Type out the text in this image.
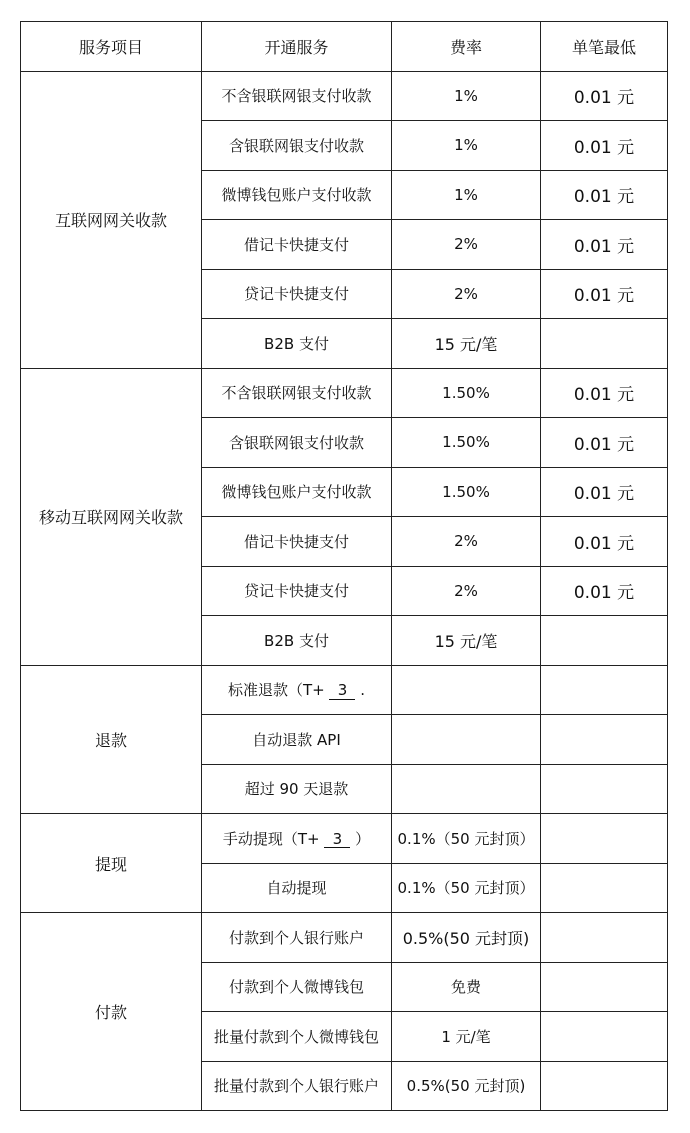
服务项目	开通服务	费率	单笔最低
互联网网关收款	不含银联网银支付收款	1%	0.01 元
	含银联网银支付收款	1%	0.01 元
	微博钱包账户支付收款	1%	0.01 元
	借记卡快捷支付	2%	0.01 元
	贷记卡快捷支付	2%	0.01 元
	B2B 支付	15 元/笔	
移动互联网网关收款	不含银联网银支付收款	1.50%	0.01 元
	含银联网银支付收款	1.50%	0.01 元
	微博钱包账户支付收款	1.50%	0.01 元
	借记卡快捷支付	2%	0.01 元
	贷记卡快捷支付	2%	0.01 元
	B2B 支付	15 元/笔	
退款	标准退款（T+ 3 .		
	自动退款 API		
	超过 90 天退款		
提现	手动提现（T+ 3 ）	0.1%（50 元封顶）	
	自动提现	0.1%（50 元封顶）	
付款	付款到个人银行账户	0.5%(50 元封顶)	
	付款到个人微博钱包	免费	
	批量付款到个人微博钱包	1 元/笔	
	批量付款到个人银行账户	0.5%(50 元封顶)	
